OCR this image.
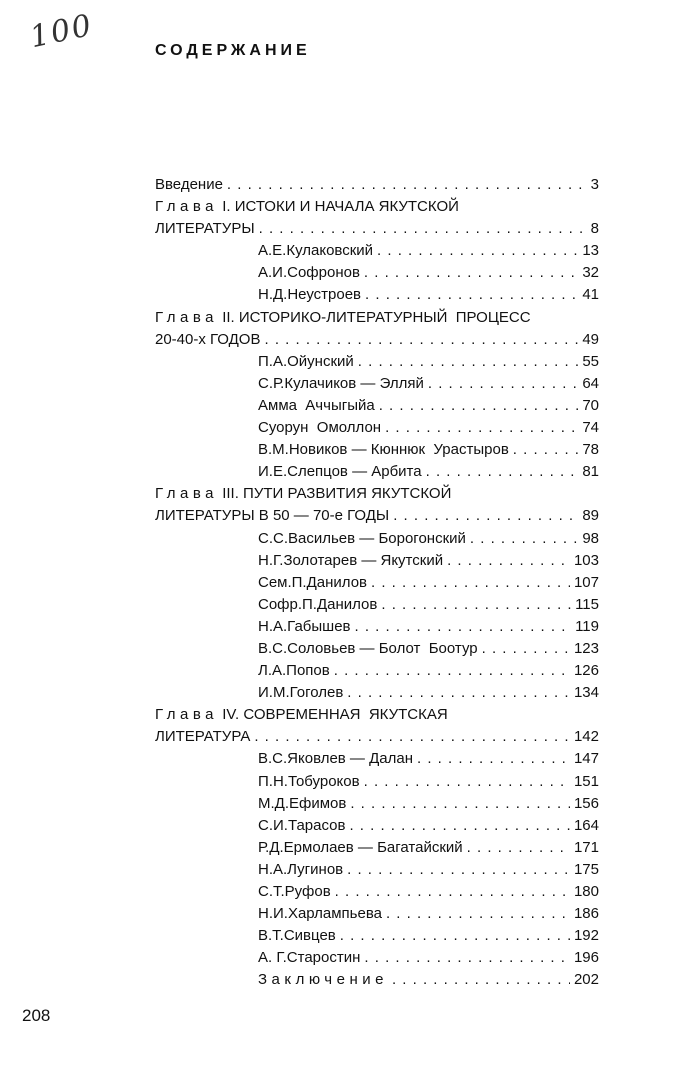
100	СОДЕРЖАНИЕ
Введение . . .	3
Глава I. ИСТОКИ И НАЧАЛА ЯКУТСКОЙ
ЛИТЕРАТУРЫ . . .	8
А.Е.Кулаковский . . .	13
А.И.Софронов . . .	32
Н.Д.Неустроев . . .	41
Глава II. ИСТОРИКО-ЛИТЕРАТУРНЫЙ  ПРОЦЕСС
20-40-х ГОДОВ . . .	49
П.А.Ойунский . . .	55
С.Р.Кулачиков — Элляй . . .	64
Амма  Аччыгыйа . . .	70
Суорун  Омоллон . . .	74
В.М.Новиков — Кюннюк  Урастыров . . .	78
И.Е.Слепцов — Арбита . . .	81
Глава III. ПУТИ РАЗВИТИЯ ЯКУТСКОЙ
ЛИТЕРАТУРЫ В 50 — 70-е ГОДЫ . . .	89
С.С.Васильев — Борогонский . . .	98
Н.Г.Золотарев — Якутский . . .	103
Сем.П.Данилов . . .	107
Софр.П.Данилов . . .	115
Н.А.Габышев . . .	119
В.С.Соловьев — Болот  Боотур . . .	123
Л.А.Попов . . .	126
И.М.Гоголев . . .	134
Глава IV. СОВРЕМЕННАЯ  ЯКУТСКАЯ
ЛИТЕРАТУРА . . .	142
В.С.Яковлев — Далан . . .	147
П.Н.Тобуроков . . .	151
М.Д.Ефимов . . .	156
С.И.Тарасов . . .	164
Р.Д.Ермолаев — Багатайский . . .	171
Н.А.Лугинов . . .	175
С.Т.Руфов . . .	180
Н.И.Харлампьева . . .	186
В.Т.Сивцев . . .	192
А. Г.Старостин . . .	196
Заключение . . .	202
208
